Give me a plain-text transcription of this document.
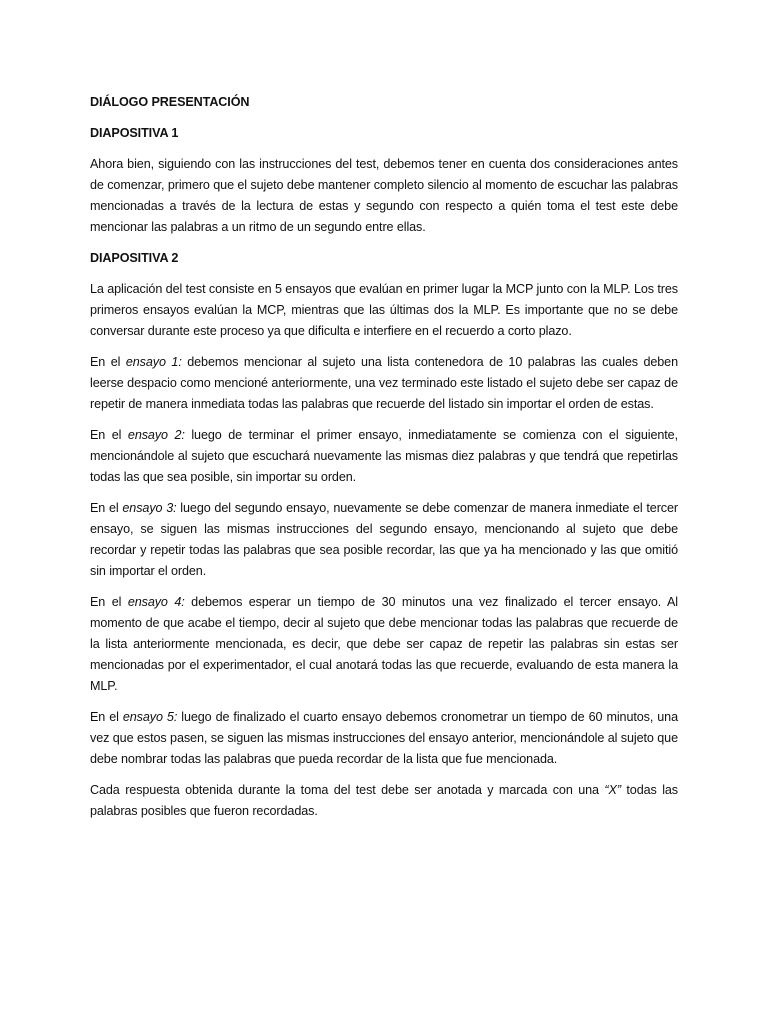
DIÁLOGO PRESENTACIÓN

DIAPOSITIVA 1

Ahora bien, siguiendo con las instrucciones del test, debemos tener en cuenta dos consideraciones antes de comenzar, primero que el sujeto debe mantener completo silencio al momento de escuchar las palabras mencionadas a través de la lectura de estas y segundo con respecto a quién toma el test este debe mencionar las palabras a un ritmo de un segundo entre ellas.

DIAPOSITIVA 2

La aplicación del test consiste en 5 ensayos que evalúan en primer lugar la MCP junto con la MLP. Los tres primeros ensayos evalúan la MCP, mientras que las últimas dos la MLP. Es importante que no se debe conversar durante este proceso ya que dificulta e interfiere en el recuerdo a corto plazo.

En el ensayo 1: debemos mencionar al sujeto una lista contenedora de 10 palabras las cuales deben leerse despacio como mencioné anteriormente, una vez terminado este listado el sujeto debe ser capaz de repetir de manera inmediata todas las palabras que recuerde del listado sin importar el orden de estas.

En el ensayo 2: luego de terminar el primer ensayo, inmediatamente se comienza con el siguiente, mencionándole al sujeto que escuchará nuevamente las mismas diez palabras y que tendrá que repetirlas todas las que sea posible, sin importar su orden.

En el ensayo 3: luego del segundo ensayo, nuevamente se debe comenzar de manera inmediate el tercer ensayo, se siguen las mismas instrucciones del segundo ensayo, mencionando al sujeto que debe recordar y repetir todas las palabras que sea posible recordar, las que ya ha mencionado y las que omitió sin importar el orden.

En el ensayo 4: debemos esperar un tiempo de 30 minutos una vez finalizado el tercer ensayo. Al momento de que acabe el tiempo, decir al sujeto que debe mencionar todas las palabras que recuerde de la lista anteriormente mencionada, es decir, que debe ser capaz de repetir las palabras sin estas ser mencionadas por el experimentador, el cual anotará todas las que recuerde, evaluando de esta manera la MLP.

En el ensayo 5: luego de finalizado el cuarto ensayo debemos cronometrar un tiempo de 60 minutos, una vez que estos pasen, se siguen las mismas instrucciones del ensayo anterior, mencionándole al sujeto que debe nombrar todas las palabras que pueda recordar de la lista que fue mencionada.

Cada respuesta obtenida durante la toma del test debe ser anotada y marcada con una “X” todas las palabras posibles que fueron recordadas.
